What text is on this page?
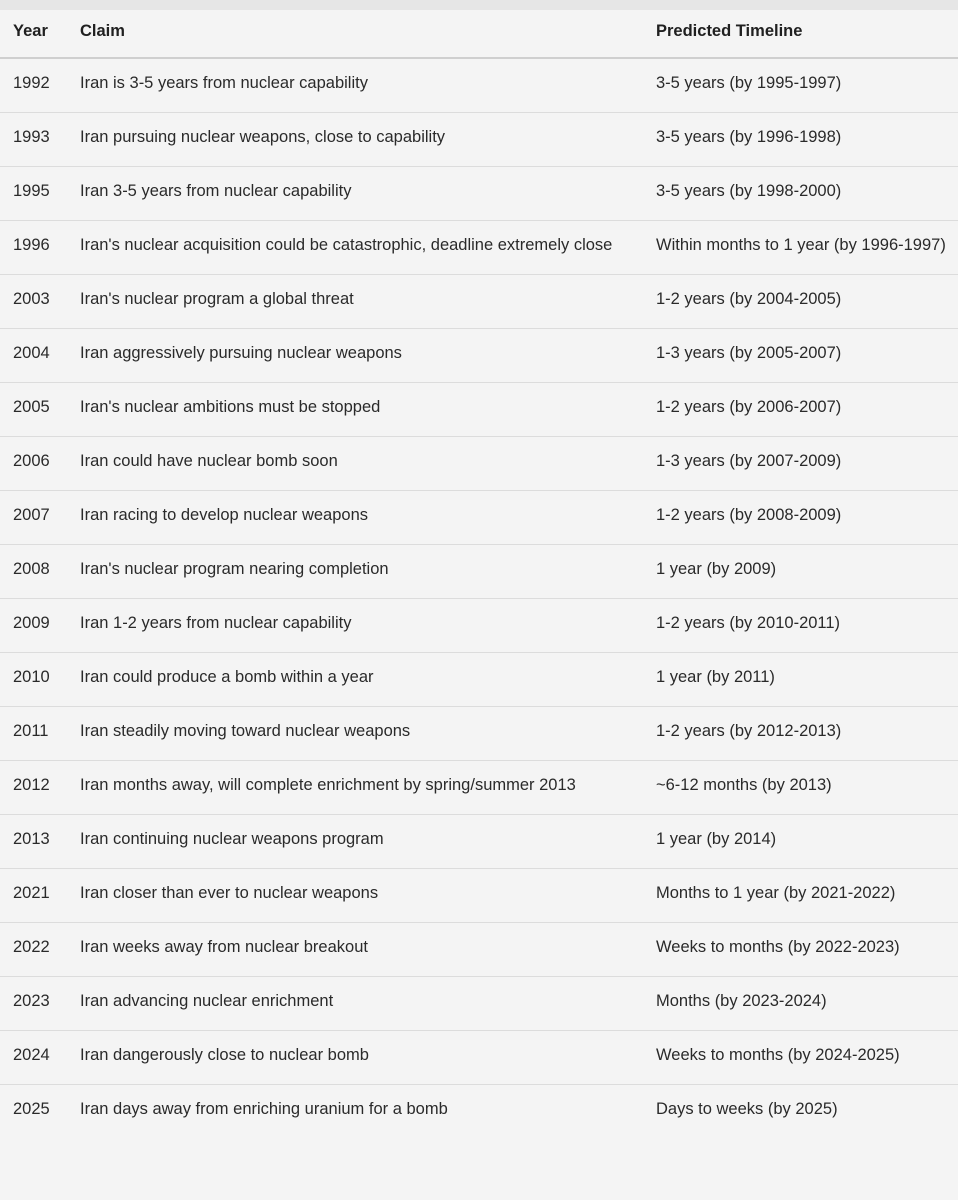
Year	Claim	Predicted Timeline
1992	Iran is 3-5 years from nuclear capability	3-5 years (by 1995-1997)
1993	Iran pursuing nuclear weapons, close to capability	3-5 years (by 1996-1998)
1995	Iran 3-5 years from nuclear capability	3-5 years (by 1998-2000)
1996	Iran's nuclear acquisition could be catastrophic, deadline extremely close	Within months to 1 year (by 1996-1997)
2003	Iran's nuclear program a global threat	1-2 years (by 2004-2005)
2004	Iran aggressively pursuing nuclear weapons	1-3 years (by 2005-2007)
2005	Iran's nuclear ambitions must be stopped	1-2 years (by 2006-2007)
2006	Iran could have nuclear bomb soon	1-3 years (by 2007-2009)
2007	Iran racing to develop nuclear weapons	1-2 years (by 2008-2009)
2008	Iran's nuclear program nearing completion	1 year (by 2009)
2009	Iran 1-2 years from nuclear capability	1-2 years (by 2010-2011)
2010	Iran could produce a bomb within a year	1 year (by 2011)
2011	Iran steadily moving toward nuclear weapons	1-2 years (by 2012-2013)
2012	Iran months away, will complete enrichment by spring/summer 2013	~6-12 months (by 2013)
2013	Iran continuing nuclear weapons program	1 year (by 2014)
2021	Iran closer than ever to nuclear weapons	Months to 1 year (by 2021-2022)
2022	Iran weeks away from nuclear breakout	Weeks to months (by 2022-2023)
2023	Iran advancing nuclear enrichment	Months (by 2023-2024)
2024	Iran dangerously close to nuclear bomb	Weeks to months (by 2024-2025)
2025	Iran days away from enriching uranium for a bomb	Days to weeks (by 2025)
